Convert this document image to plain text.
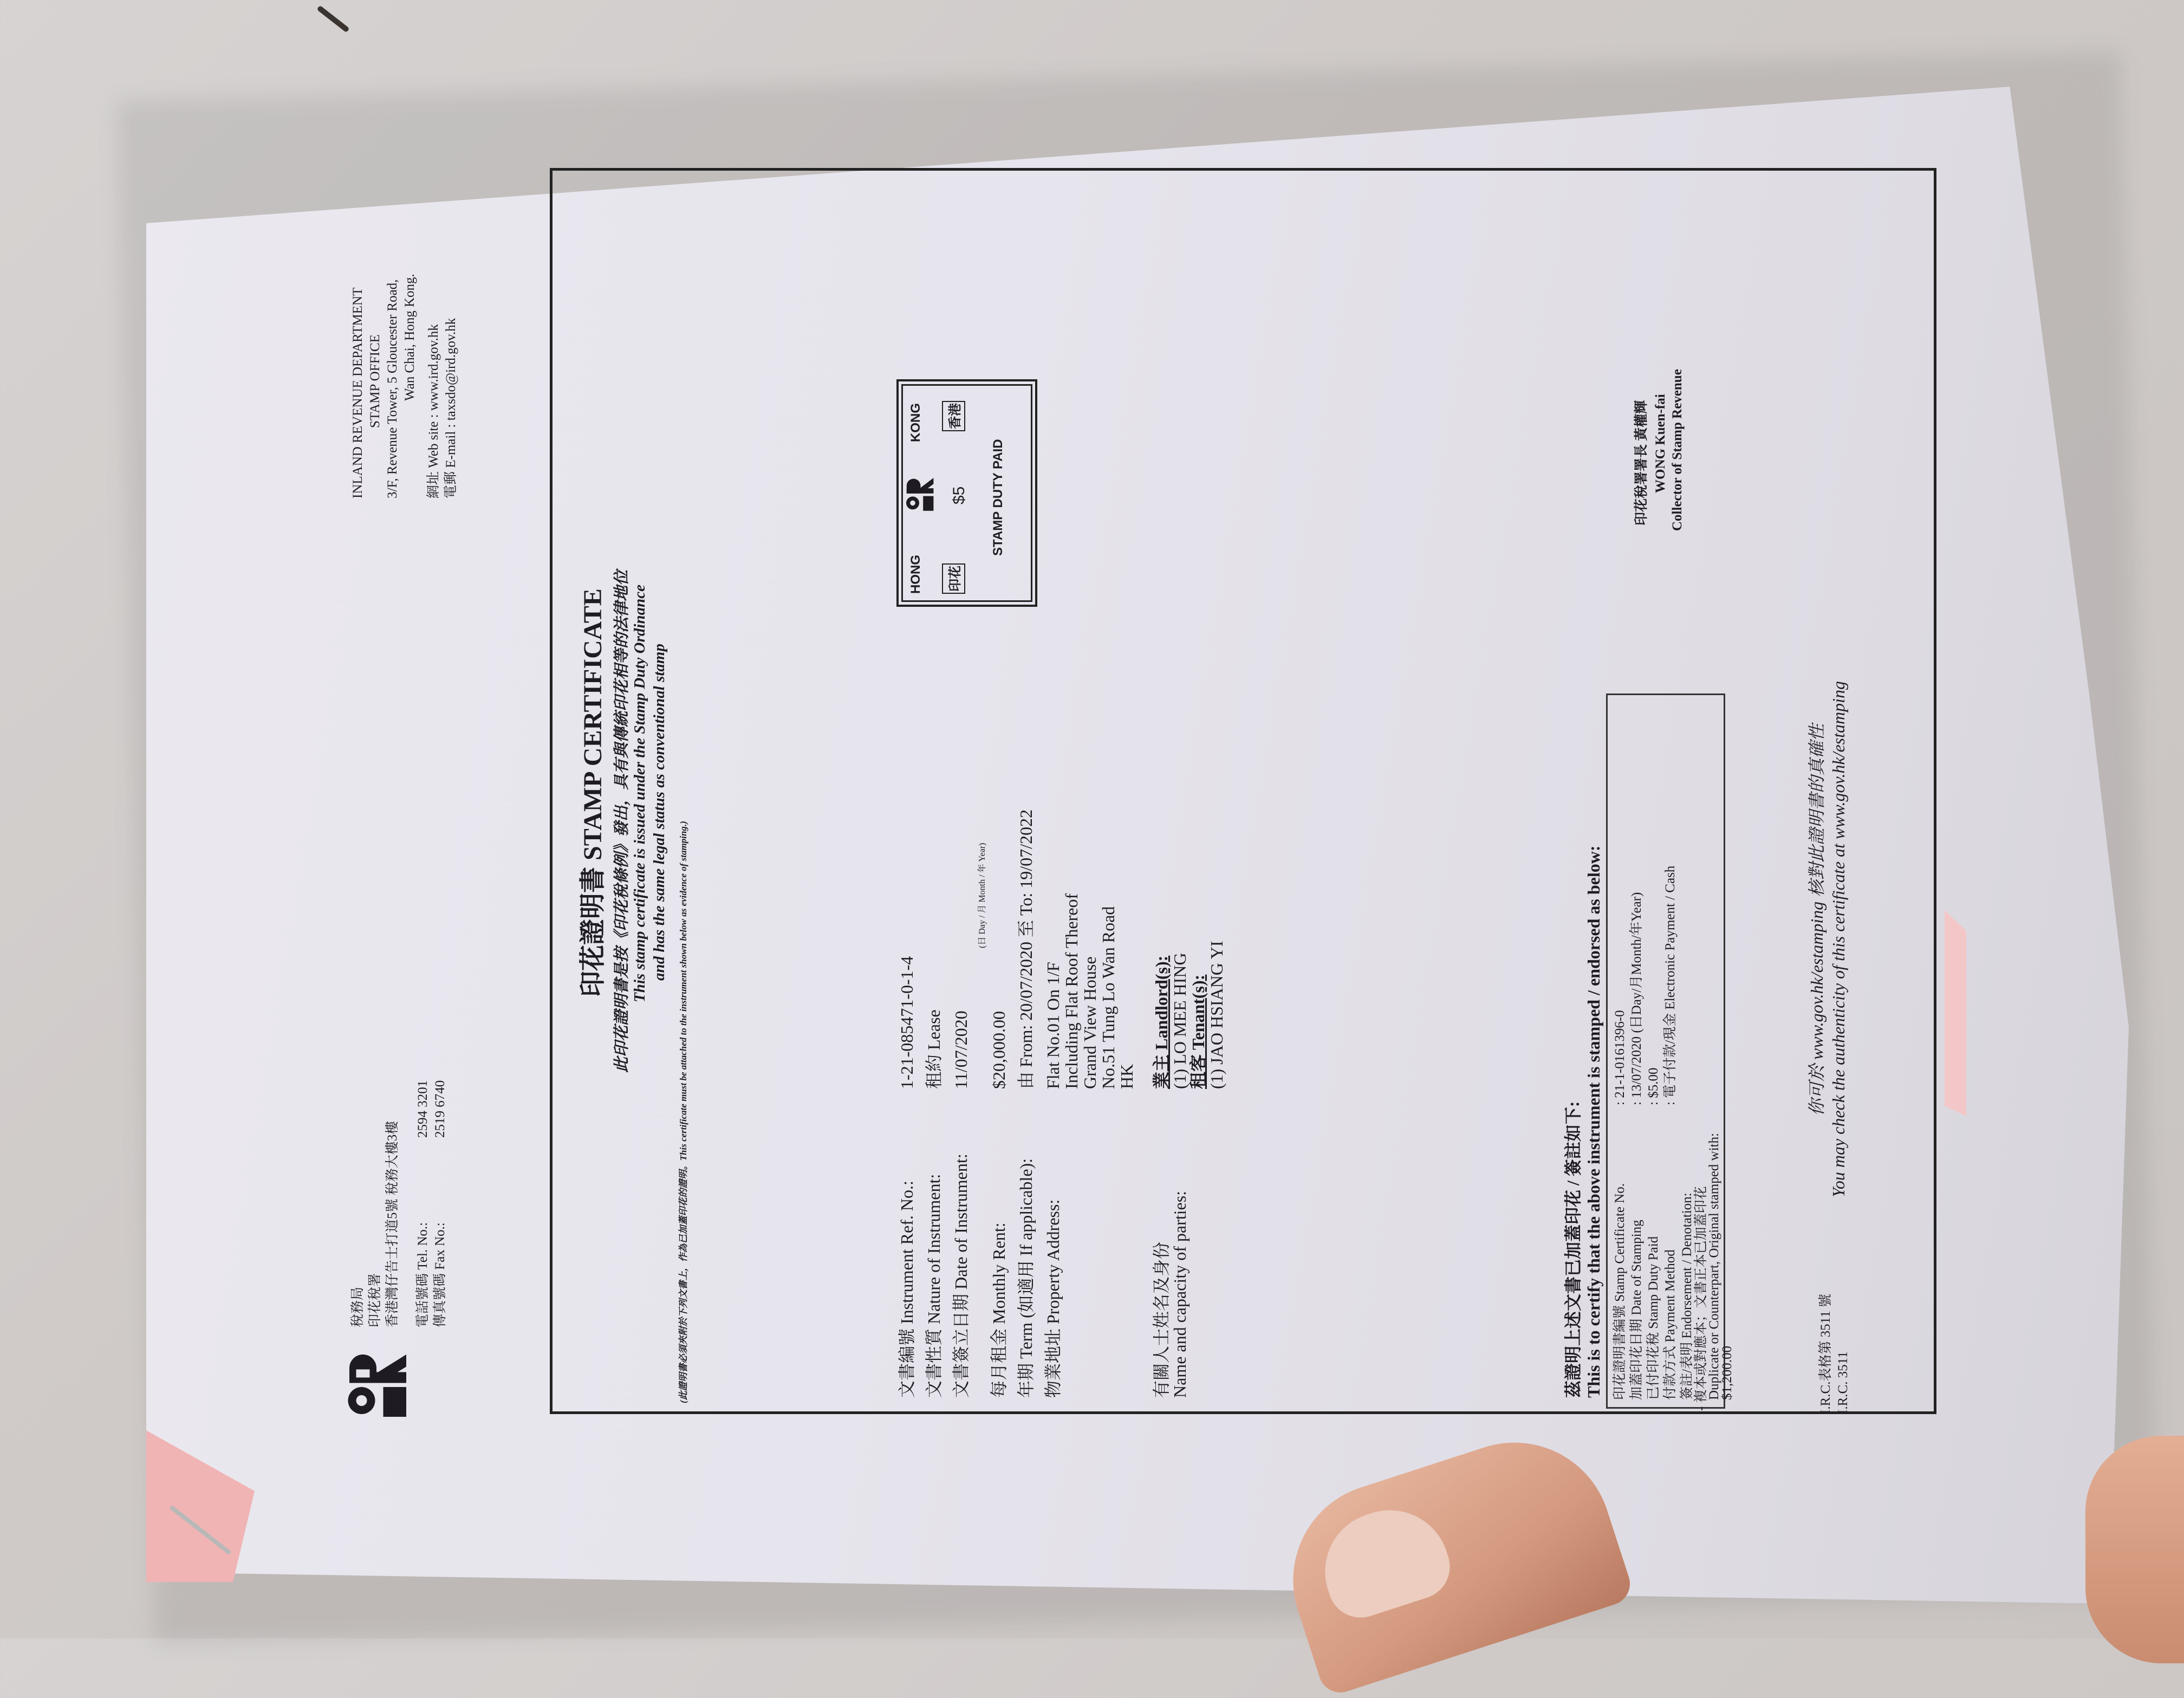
稅務局 印花稅署 香港灣仔告士打道5號 稅務大樓3樓 電話號碼 Tel. No.:
2594 3201
傳真號碼 Fax No.:
2519 6740
INLAND REVENUE DEPARTMENT STAMP OFFICE 3/F, Revenue Tower, 5 Gloucester Road, Wan Chai, Hong Kong. 網址 Web site : www.ird.gov.hk 電郵 E-mail : taxsdo@ird.gov.hk
印花證明書 STAMP CERTIFICATE 此印花證明書是按《印花稅條例》發出，具有與傳統印花相等的法律地位 This stamp certificate is issued under the Stamp Duty Ordinance and has the same legal status as conventional stamp
(此證明書必須夾附於下列文書上，作為已加蓋印花的證明。This certificate must be attached to the instrument shown below as evidence of stamping.)
HONG
KONG
印花
$5
香港
STAMP DUTY PAID
文書編號 Instrument Ref. No.:
1-21-085471-0-1-4
文書性質 Nature of Instrument:
租約 Lease
文書簽立日期 Date of Instrument:
11/07/2020
(日 Day / 月 Month / 年 Year)
每月租金 Monthly Rent:
$20,000.00
年期 Term (如適用 If applicable):
由 From: 20/07/2020 至 To: 19/07/2022
物業地址 Property Address:
Flat No.01 On 1/F
Including Flat Roof Thereof
Grand View House
No.51 Tung Lo Wan Road
HK
有關人士姓名及身份
Name and capacity of parties:
業主 Landlord(s):
(1) LO MEE HING
租客 Tenant(s):
(1) JAO HSIANG YI
茲證明上述文書已加蓋印花 / 簽註如下: This is to certify that the above instrument is stamped / endorsed as below: 印花證明書編號 Stamp Certificate No.
: 21-1-0161396-0
加蓋印花日期 Date of Stamping
: 13/07/2020 (日Day/月Month/年Year)
已付印花稅 Stamp Duty Paid
: $5.00
付款方式 Payment Method
: 電子付款/現金 Electronic Payment / Cash
簽註/表明 Endorsement / Denotation: - 複本或對應本；文書正本已加蓋印花
Duplicate or Counterpart, Original stamped with:
$1,200.00
印花稅署署長 黃權輝 WONG Kuen-fai Collector of Stamp Revenue
你可於 www.gov.hk/estamping 核對此證明書的真確性 You may check the authenticity of this certificate at www.gov.hk/estamping
I.R.C.表格第 3511 號 I.R.C. 3511
